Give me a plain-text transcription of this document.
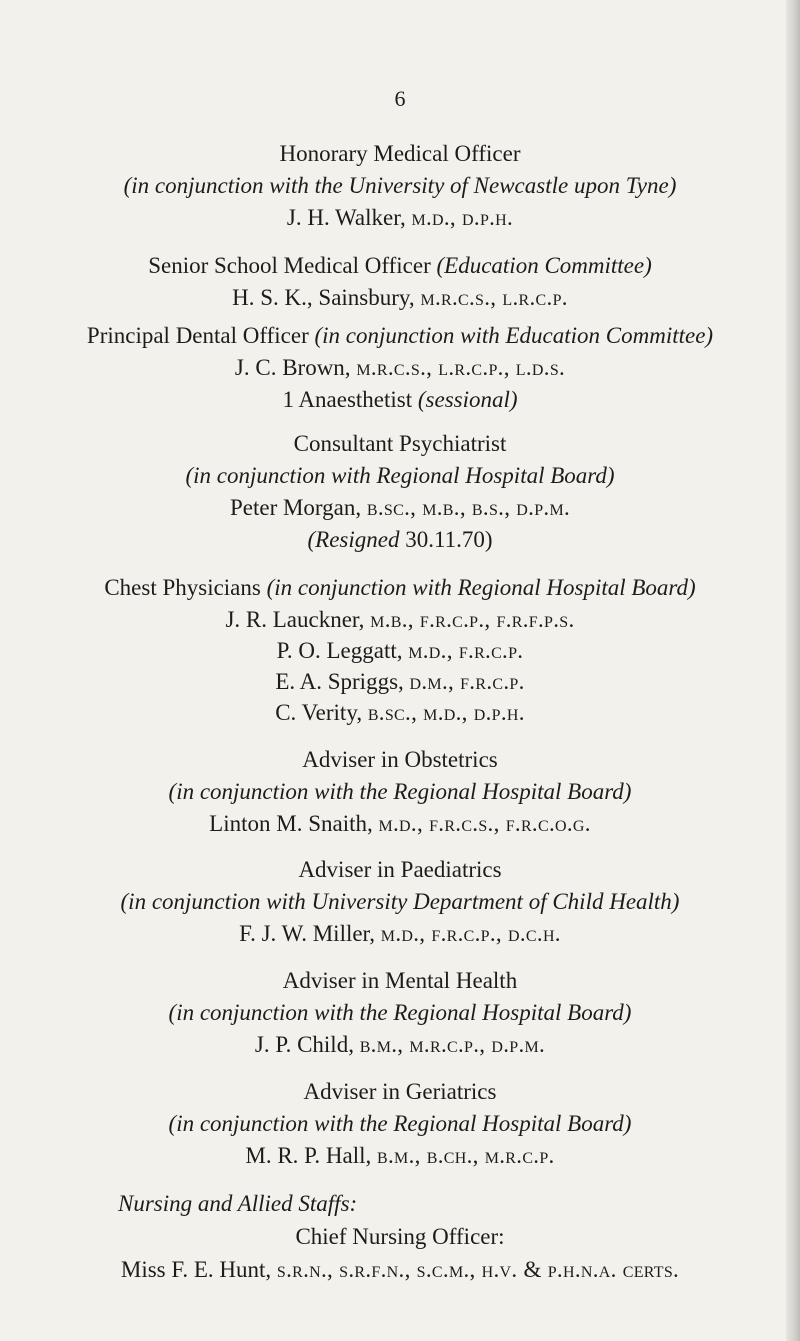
6
Honorary Medical Officer
(in conjunction with the University of Newcastle upon Tyne)
J. H. Walker, m.d., d.p.h.
Senior School Medical Officer (Education Committee)
H. S. K., Sainsbury, m.r.c.s., l.r.c.p.
Principal Dental Officer (in conjunction with Education Committee)
J. C. Brown, m.r.c.s., l.r.c.p., l.d.s.
1 Anaesthetist (sessional)
Consultant Psychiatrist
(in conjunction with Regional Hospital Board)
Peter Morgan, b.sc., m.b., b.s., d.p.m.
(Resigned 30.11.70)
Chest Physicians (in conjunction with Regional Hospital Board)
J. R. Lauckner, m.b., f.r.c.p., f.r.f.p.s.
P. O. Leggatt, m.d., f.r.c.p.
E. A. Spriggs, d.m., f.r.c.p.
C. Verity, b.sc., m.d., d.p.h.
Adviser in Obstetrics
(in conjunction with the Regional Hospital Board)
Linton M. Snaith, m.d., f.r.c.s., f.r.c.o.g.
Adviser in Paediatrics
(in conjunction with University Department of Child Health)
F. J. W. Miller, m.d., f.r.c.p., d.c.h.
Adviser in Mental Health
(in conjunction with the Regional Hospital Board)
J. P. Child, b.m., m.r.c.p., d.p.m.
Adviser in Geriatrics
(in conjunction with the Regional Hospital Board)
M. R. P. Hall, b.m., b.ch., m.r.c.p.
Nursing and Allied Staffs:
Chief Nursing Officer:
Miss F. E. Hunt, s.r.n., s.r.f.n., s.c.m., h.v. & p.h.n.a. certs.
